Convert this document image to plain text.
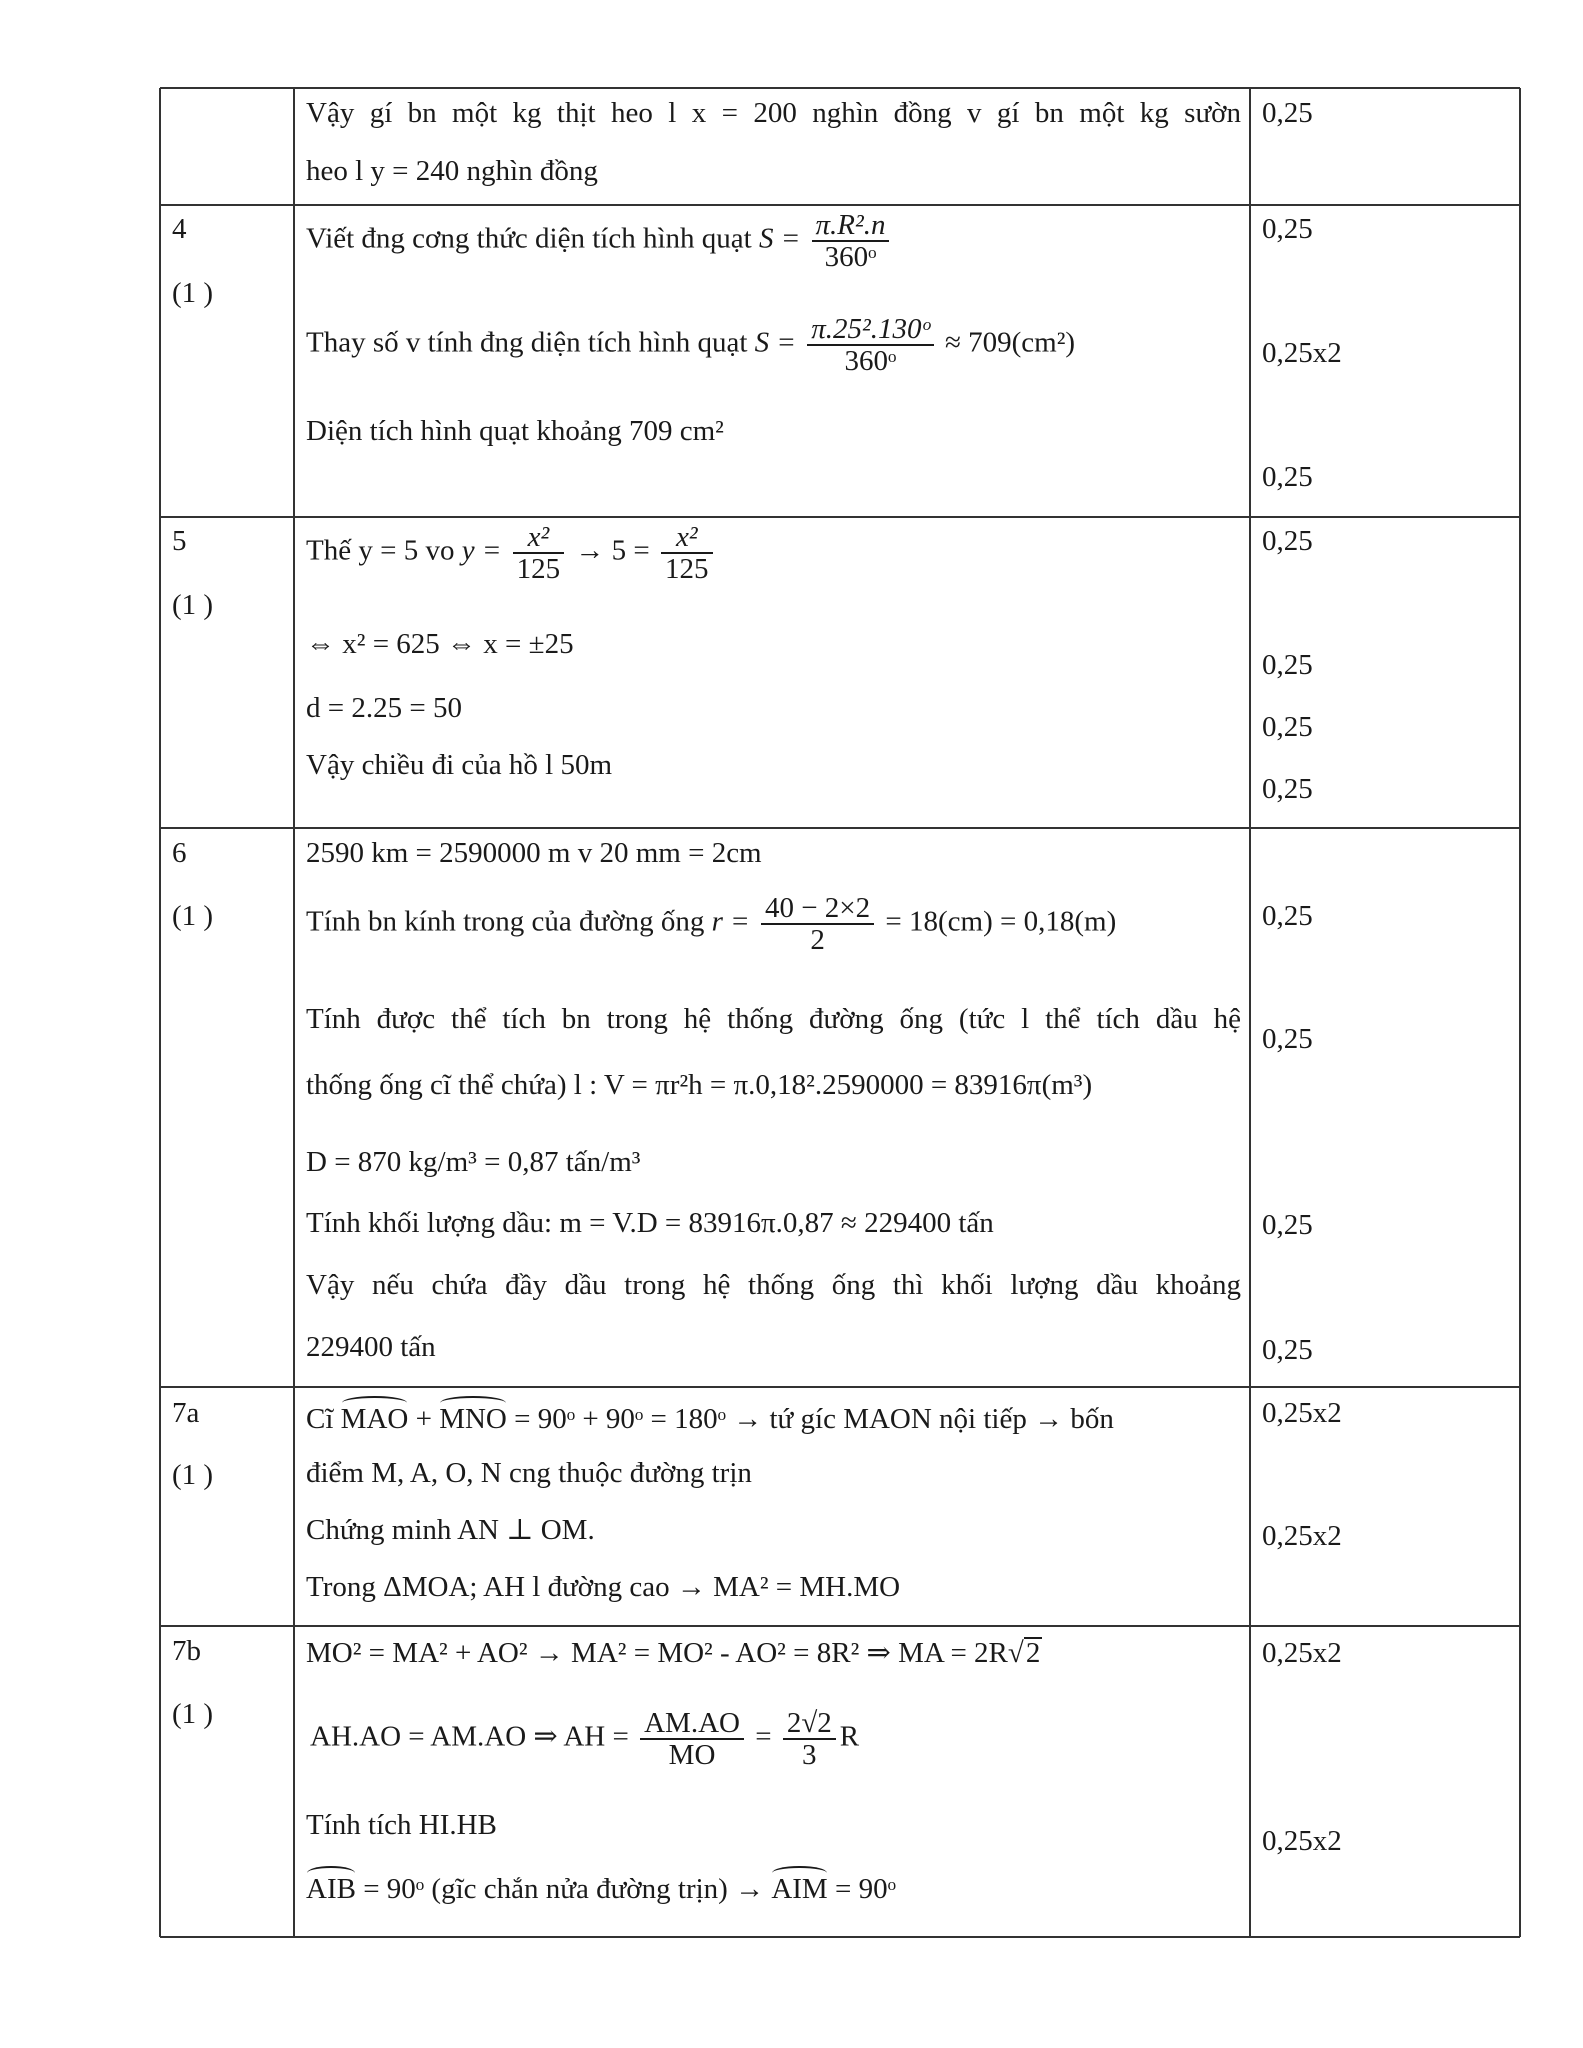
Vậy gí bn một kg thịt heo l x = 200 nghìn đồng v gí bn một kg sườn
heo l y = 240 nghìn đồng
0,25
4
(1 )
Viết đng cơng thức diện tích hình quạt $S = \frac{\text{π.R².n}}{\text{360ᵒ}}$
Thay số v tính đng diện tích hình quạt $S = \frac{\text{π.25².130ᵒ}}{\text{360ᵒ}} \approx 709(cm^2)$
Diện tích hình quạt khoảng 709 cm²
0,25
0,25x2
0,25
5
(1 )
Thế y = 5 vo $y = \frac{\text{x²}}{125} \to 5 = \frac{\text{x²}}{125}$
⇔ x² = 625 ⇔ x = ±25
d = 2.25 = 50
Vậy chiều đi của hồ l 50m
0,25
0,25
0,25
0,25
6
(1 )
2590 km = 2590000 m v 20 mm = 2cm
Tính bn kính trong của đường ống $r = \frac{40 - 2\times 2}{2} = 18(cm) = 0,18(m)$
Tính được thể tích bn trong hệ thống đường ống (tức l thể tích dầu hệ
thống ống cĩ thể chứa) l : V = πr²h = π.0,18².2590000 = 83916π(m³)
D = 870 kg/m³ = 0,87 tấn/m³
Tính khối lượng dầu: m = V.D = 83916π.0,87 ≈ 229400 tấn
Vậy nếu chứa đầy dầu trong hệ thống ống thì khối lượng dầu khoảng
229400 tấn
0,25
0,25
0,25
0,25
7a
(1 )
Cĩ MAO + MNO = 90ᵒ + 90ᵒ = 180ᵒ → tứ gíc MAON nội tiếp → bốn
điểm M, A, O, N cng thuộc đường trịn
Chứng minh AN ⊥ OM.
Trong ΔMOA; AH l đường cao → MA² = MH.MO
0,25x2
0,25x2
7b
(1 )
MO² = MA² + AO² → MA² = MO² - AO² = 8R² ⇒ MA = 2R√2
AH.AO = AM.AO ⇒ AH = $\frac{AM.AO}{MO} = \frac{2√2}{3}$ R
Tính tích HI.HB
AIB = 90ᵒ (gĩc chắn nửa đường trịn) → AIM = 90ᵒ
0,25x2
0,25x2
